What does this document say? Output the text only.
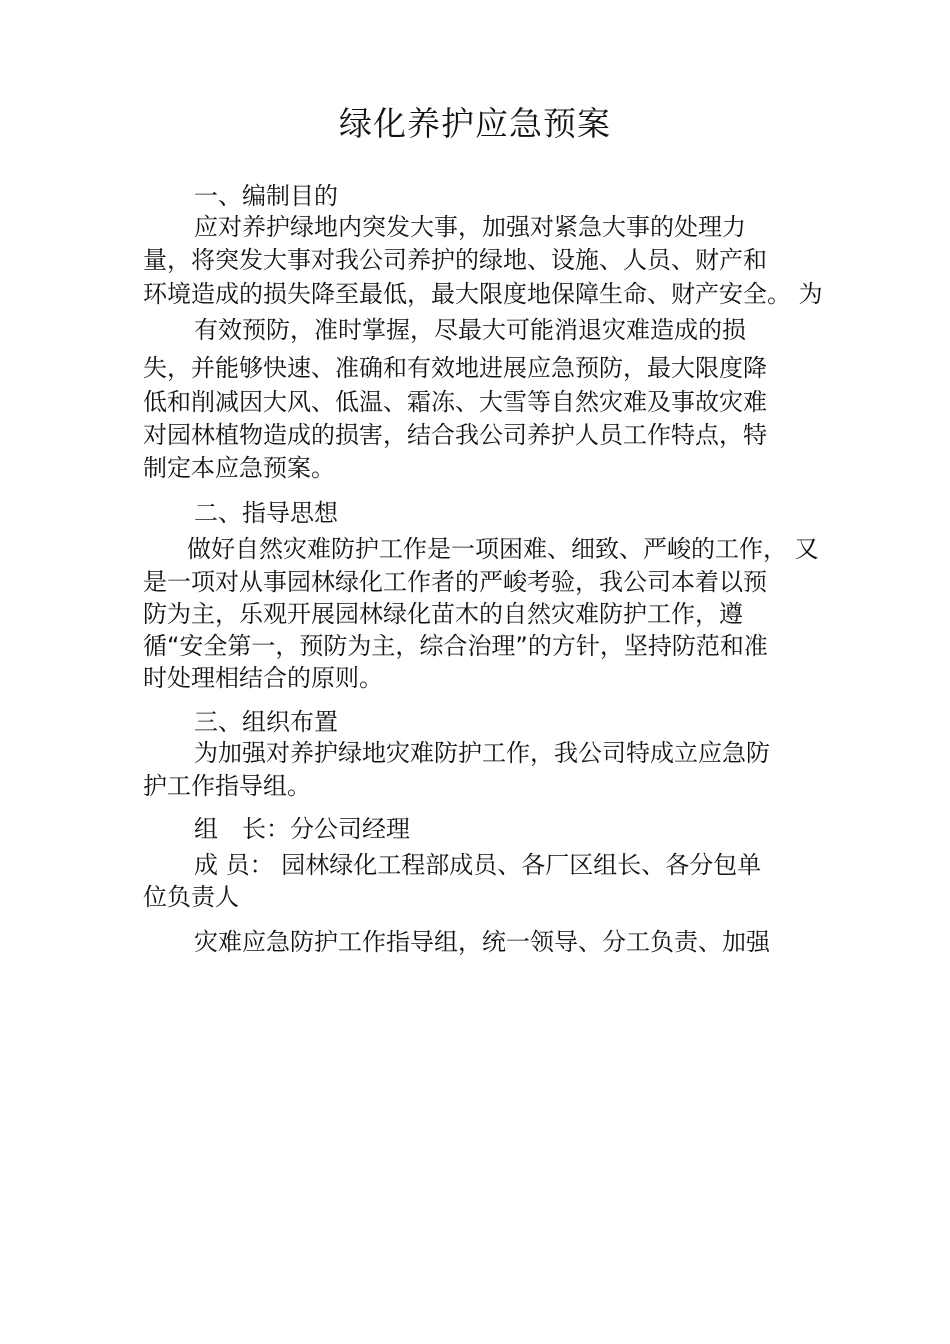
绿化养护应急预案
一、编制目的
应对养护绿地内突发大事，加强对紧急大事的处理力
量，将突发大事对我公司养护的绿地、设施、人员、财产和
环境造成的损失降至最低，最大限度地保障生命、财产安全。 为
有效预防，准时掌握，尽最大可能消退灾难造成的损
失，并能够快速、准确和有效地进展应急预防，最大限度降
低和削减因大风、低温、霜冻、大雪等自然灾难及事故灾难
对园林植物造成的损害，结合我公司养护人员工作特点，特
制定本应急预案。
二、指导思想
做好自然灾难防护工作是一项困难、细致、严峻的工作， 又
是一项对从事园林绿化工作者的严峻考验，我公司本着以预
防为主，乐观开展园林绿化苗木的自然灾难防护工作，遵
循“安全第一，预防为主，综合治理”的方针，坚持防范和准
时处理相结合的原则。
三、组织布置
为加强对养护绿地灾难防护工作，我公司特成立应急防
护工作指导组。
组　长：分公司经理
成 员： 园林绿化工程部成员、各厂区组长、各分包单
位负责人
灾难应急防护工作指导组，统一领导、分工负责、加强
